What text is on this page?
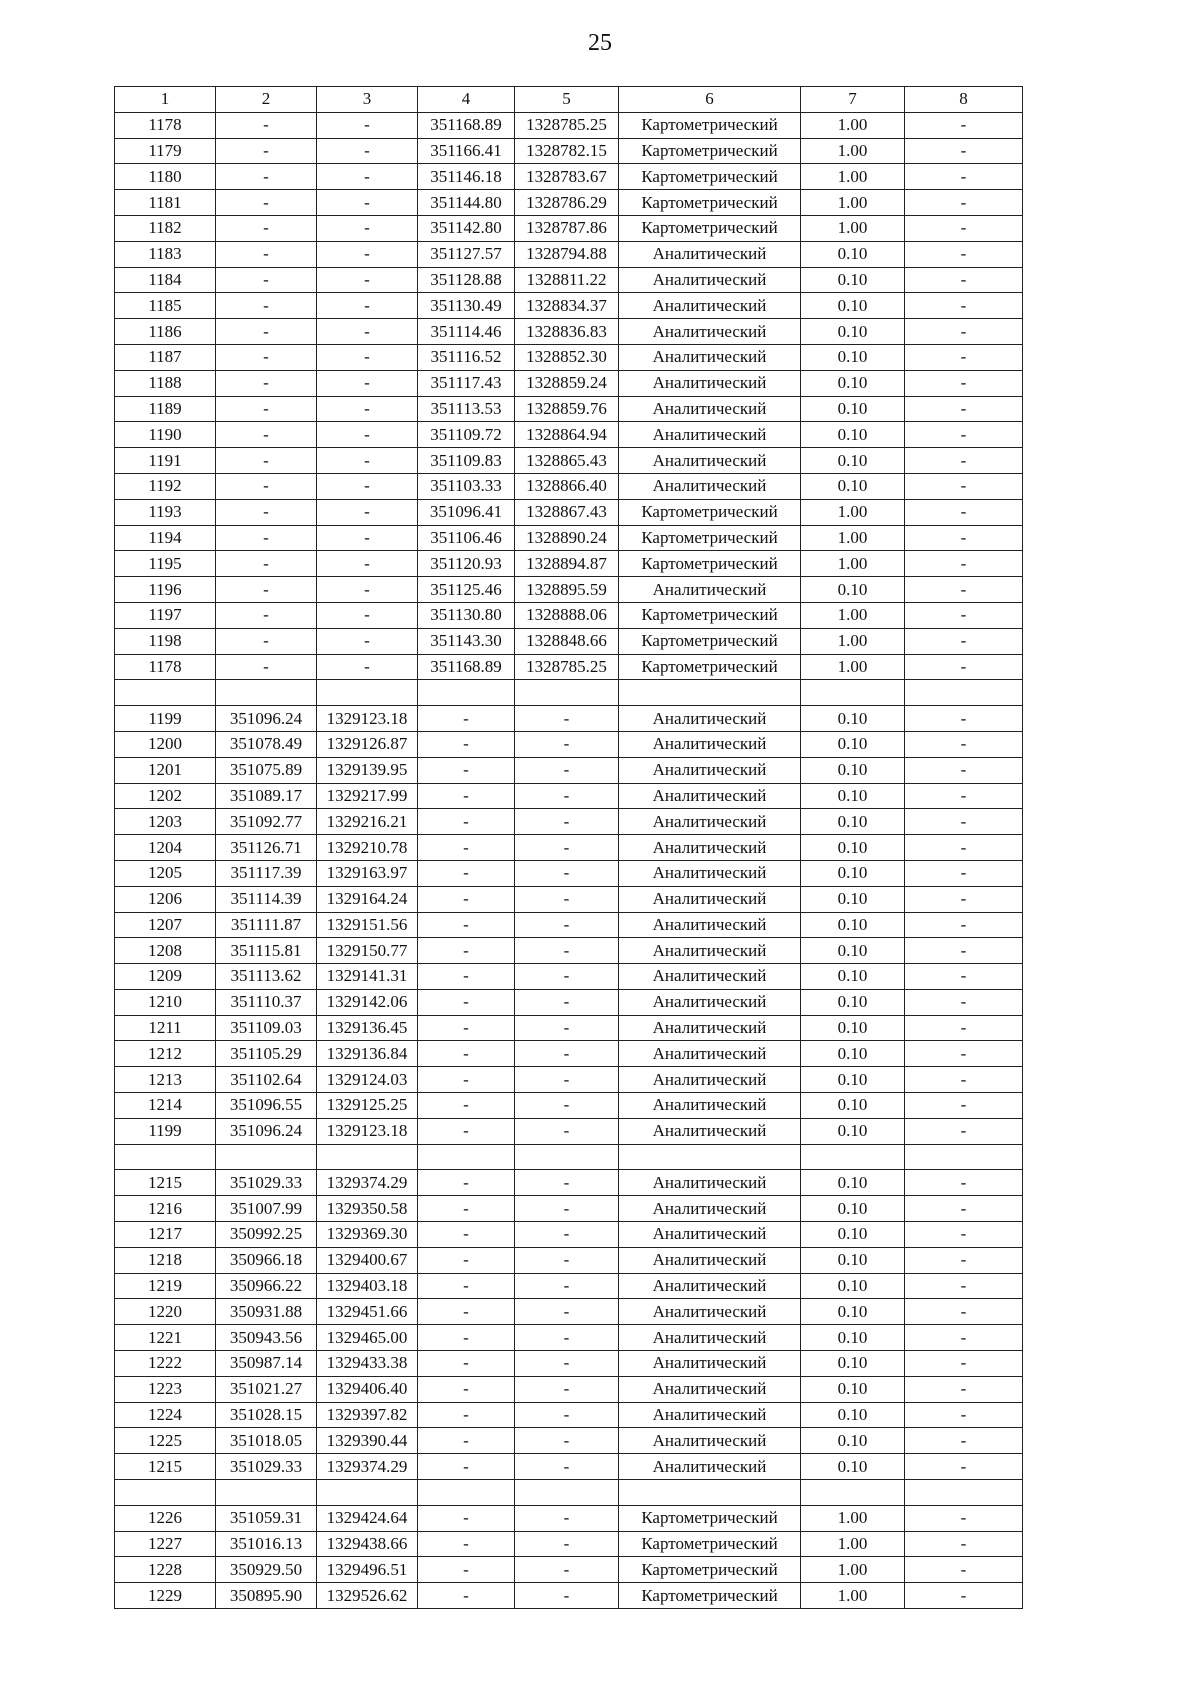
25
1	2	3	4	5	6	7	8
1178	-	-	351168.89	1328785.25	Картометрический	1.00	-
1179	-	-	351166.41	1328782.15	Картометрический	1.00	-
1180	-	-	351146.18	1328783.67	Картометрический	1.00	-
1181	-	-	351144.80	1328786.29	Картометрический	1.00	-
1182	-	-	351142.80	1328787.86	Картометрический	1.00	-
1183	-	-	351127.57	1328794.88	Аналитический	0.10	-
1184	-	-	351128.88	1328811.22	Аналитический	0.10	-
1185	-	-	351130.49	1328834.37	Аналитический	0.10	-
1186	-	-	351114.46	1328836.83	Аналитический	0.10	-
1187	-	-	351116.52	1328852.30	Аналитический	0.10	-
1188	-	-	351117.43	1328859.24	Аналитический	0.10	-
1189	-	-	351113.53	1328859.76	Аналитический	0.10	-
1190	-	-	351109.72	1328864.94	Аналитический	0.10	-
1191	-	-	351109.83	1328865.43	Аналитический	0.10	-
1192	-	-	351103.33	1328866.40	Аналитический	0.10	-
1193	-	-	351096.41	1328867.43	Картометрический	1.00	-
1194	-	-	351106.46	1328890.24	Картометрический	1.00	-
1195	-	-	351120.93	1328894.87	Картометрический	1.00	-
1196	-	-	351125.46	1328895.59	Аналитический	0.10	-
1197	-	-	351130.80	1328888.06	Картометрический	1.00	-
1198	-	-	351143.30	1328848.66	Картометрический	1.00	-
1178	-	-	351168.89	1328785.25	Картометрический	1.00	-

1199	351096.24	1329123.18	-	-	Аналитический	0.10	-
1200	351078.49	1329126.87	-	-	Аналитический	0.10	-
1201	351075.89	1329139.95	-	-	Аналитический	0.10	-
1202	351089.17	1329217.99	-	-	Аналитический	0.10	-
1203	351092.77	1329216.21	-	-	Аналитический	0.10	-
1204	351126.71	1329210.78	-	-	Аналитический	0.10	-
1205	351117.39	1329163.97	-	-	Аналитический	0.10	-
1206	351114.39	1329164.24	-	-	Аналитический	0.10	-
1207	351111.87	1329151.56	-	-	Аналитический	0.10	-
1208	351115.81	1329150.77	-	-	Аналитический	0.10	-
1209	351113.62	1329141.31	-	-	Аналитический	0.10	-
1210	351110.37	1329142.06	-	-	Аналитический	0.10	-
1211	351109.03	1329136.45	-	-	Аналитический	0.10	-
1212	351105.29	1329136.84	-	-	Аналитический	0.10	-
1213	351102.64	1329124.03	-	-	Аналитический	0.10	-
1214	351096.55	1329125.25	-	-	Аналитический	0.10	-
1199	351096.24	1329123.18	-	-	Аналитический	0.10	-

1215	351029.33	1329374.29	-	-	Аналитический	0.10	-
1216	351007.99	1329350.58	-	-	Аналитический	0.10	-
1217	350992.25	1329369.30	-	-	Аналитический	0.10	-
1218	350966.18	1329400.67	-	-	Аналитический	0.10	-
1219	350966.22	1329403.18	-	-	Аналитический	0.10	-
1220	350931.88	1329451.66	-	-	Аналитический	0.10	-
1221	350943.56	1329465.00	-	-	Аналитический	0.10	-
1222	350987.14	1329433.38	-	-	Аналитический	0.10	-
1223	351021.27	1329406.40	-	-	Аналитический	0.10	-
1224	351028.15	1329397.82	-	-	Аналитический	0.10	-
1225	351018.05	1329390.44	-	-	Аналитический	0.10	-
1215	351029.33	1329374.29	-	-	Аналитический	0.10	-

1226	351059.31	1329424.64	-	-	Картометрический	1.00	-
1227	351016.13	1329438.66	-	-	Картометрический	1.00	-
1228	350929.50	1329496.51	-	-	Картометрический	1.00	-
1229	350895.90	1329526.62	-	-	Картометрический	1.00	-
